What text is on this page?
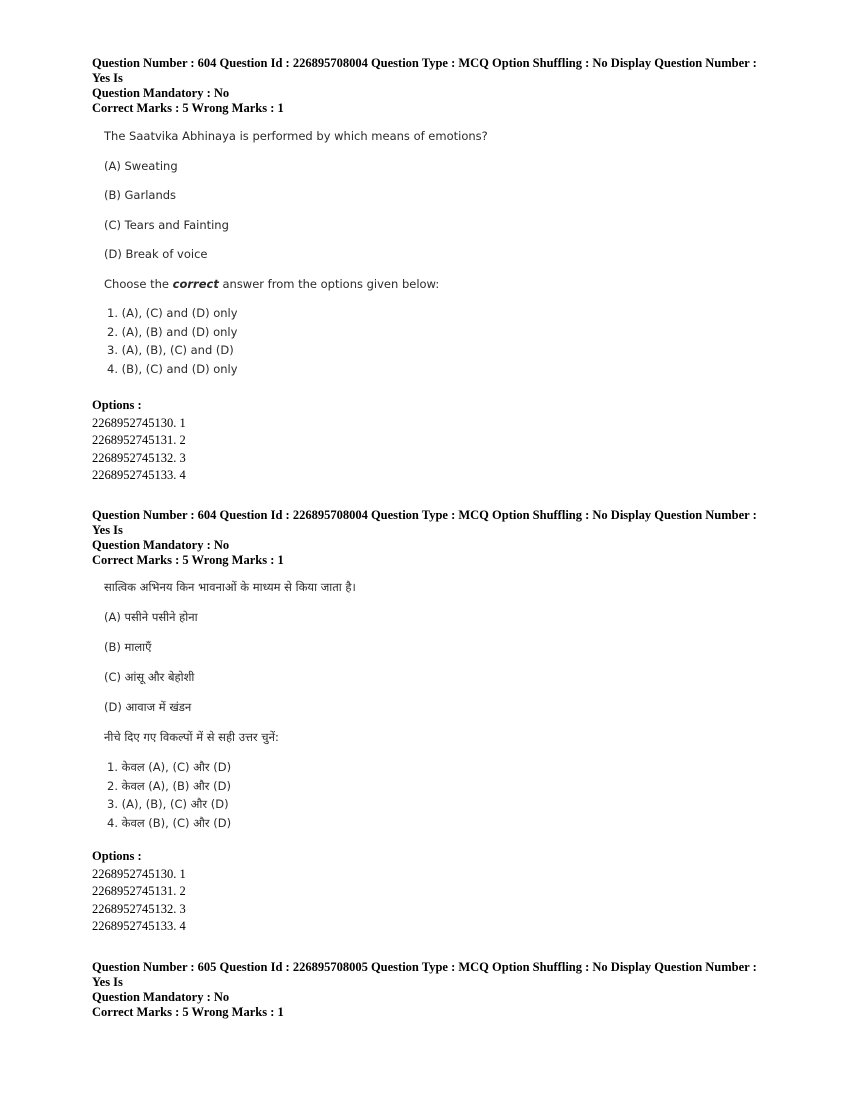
Question Number : 604 Question Id : 226895708004 Question Type : MCQ Option Shuffling : No Display Question Number : Yes Is

Question Mandatory : No

Correct Marks : 5 Wrong Marks : 1

The Saatvika Abhinaya is performed by which means of emotions?

(A) Sweating

(B) Garlands

(C) Tears and Fainting

(D) Break of voice

Choose the correct answer from the options given below:

1. (A), (C) and (D) only

2. (A), (B) and (D) only

3. (A), (B), (C) and (D)

4. (B), (C) and (D) only

Options :
2268952745130. 1
2268952745131. 2
2268952745132. 3
2268952745133. 4

Question Number : 604 Question Id : 226895708004 Question Type : MCQ Option Shuffling : No Display Question Number : Yes Is

Question Mandatory : No

Correct Marks : 5 Wrong Marks : 1

सात्विक अभिनय किन भावनाओं के माध्यम से किया जाता है।

(A) पसीने पसीने होना

(B) मालाएँ

(C) आंसू और बेहोशी

(D) आवाज में खंडन

नीचे दिए गए विकल्पों में से सही उत्तर चुनें:

1. केवल (A), (C) और (D)

2. केवल (A), (B) और (D)

3. (A), (B), (C) और (D)

4. केवल (B), (C) और (D)

Options :
2268952745130. 1
2268952745131. 2
2268952745132. 3
2268952745133. 4

Question Number : 605 Question Id : 226895708005 Question Type : MCQ Option Shuffling : No Display Question Number : Yes Is

Question Mandatory : No

Correct Marks : 5 Wrong Marks : 1
